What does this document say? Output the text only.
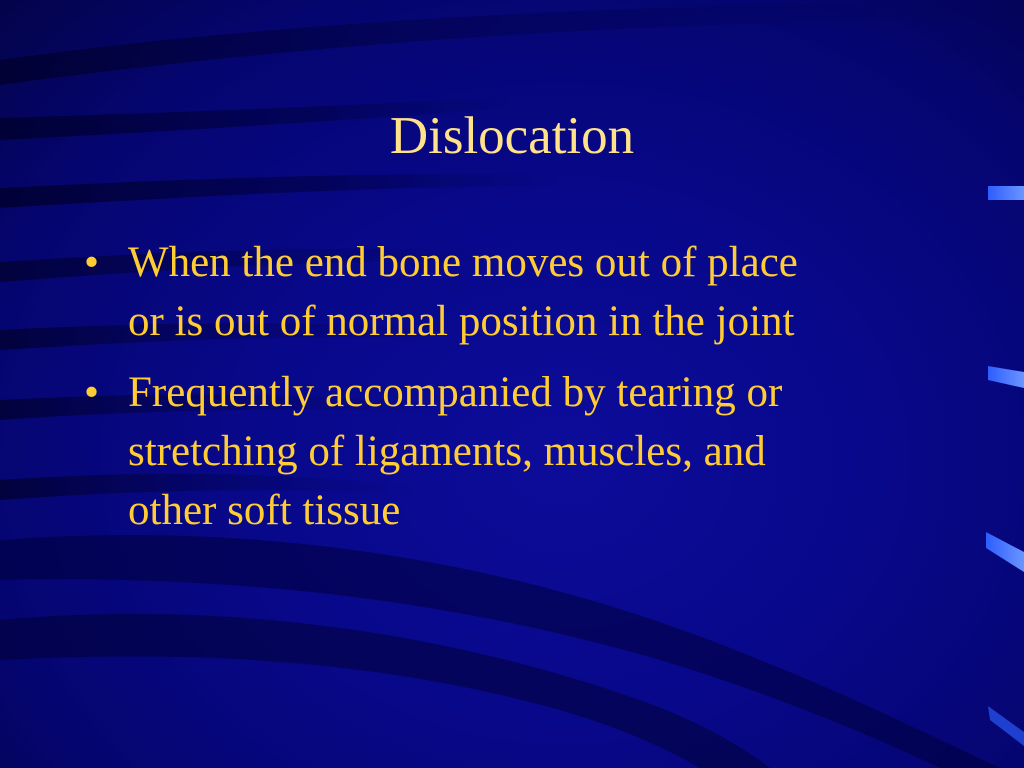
Dislocation
• When the end bone moves out of place
or is out of normal position in the joint
• Frequently accompanied by tearing or
stretching of ligaments, muscles, and
other soft tissue
